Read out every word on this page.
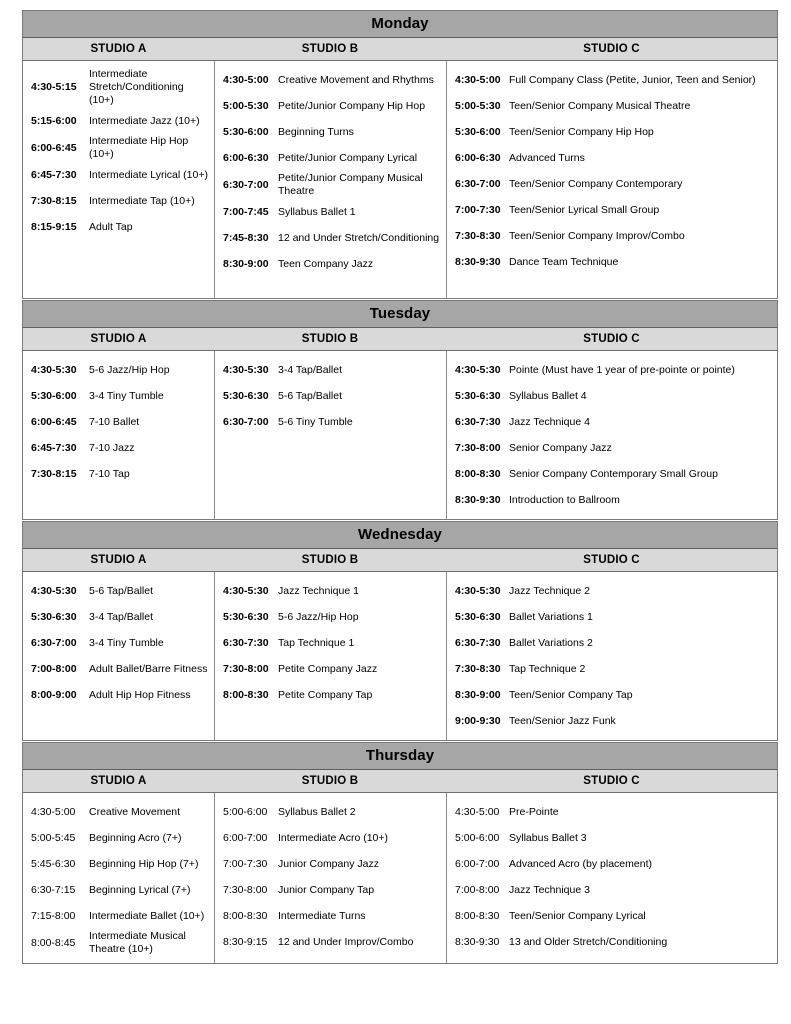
Monday
STUDIO A	STUDIO B	STUDIO C
4:30-5:15
Intermediate Stretch/Conditioning (10+)
5:15-6:00	Intermediate Jazz (10+)
6:00-6:45
Intermediate Hip Hop (10+)
6:45-7:30	Intermediate Lyrical (10+)
7:30-8:15	Intermediate Tap (10+)
8:15-9:15	Adult Tap

4:30-5:00 Creative Movement and Rhythms
5:00-5:30 Petite/Junior Company Hip Hop
5:30-6:00 Beginning Turns
6:00-6:30 Petite/Junior Company Lyrical
6:30-7:00
Petite/Junior Company Musical Theatre
7:00-7:45 Syllabus Ballet 1
7:45-8:30 12 and Under Stretch/Conditioning
8:30-9:00 Teen Company Jazz
4:30-5:00 Full Company Class (Petite, Junior, Teen and Senior)
5:00-5:30 Teen/Senior Company Musical Theatre
5:30-6:00 Teen/Senior Company Hip Hop
6:00-6:30 Advanced Turns
6:30-7:00 Teen/Senior Company Contemporary
7:00-7:30 Teen/Senior Lyrical Small Group
7:30-8:30 Teen/Senior Company Improv/Combo
8:30-9:30 Dance Team Technique
Tuesday
STUDIO A	STUDIO B	STUDIO C
4:30-5:30	5-6 Jazz/Hip Hop
5:30-6:00	3-4 Tiny Tumble
6:00-6:45	7-10 Ballet
6:45-7:30	7-10 Jazz
7:30-8:15	7-10 Tap

4:30-5:30 3-4 Tap/Ballet
5:30-6:30 5-6 Tap/Ballet
6:30-7:00 5-6 Tiny Tumble

4:30-5:30 Pointe (Must have 1 year of pre-pointe or pointe)
5:30-6:30 Syllabus Ballet 4
6:30-7:30 Jazz Technique 4
7:30-8:00 Senior Company Jazz
8:00-8:30 Senior Company Contemporary Small Group
8:30-9:30 Introduction to Ballroom
Wednesday
STUDIO A	STUDIO B	STUDIO C
4:30-5:30	5-6 Tap/Ballet
5:30-6:30	3-4 Tap/Ballet
6:30-7:00	3-4 Tiny Tumble
7:00-8:00	Adult Ballet/Barre Fitness
8:00-9:00	Adult Hip Hop Fitness

4:30-5:30 Jazz Technique 1
5:30-6:30 5-6 Jazz/Hip Hop
6:30-7:30 Tap Technique 1
7:30-8:00 Petite Company Jazz
8:00-8:30 Petite Company Tap

4:30-5:30 Jazz Technique 2
5:30-6:30 Ballet Variations 1
6:30-7:30 Ballet Variations 2
7:30-8:30 Tap Technique 2
8:30-9:00 Teen/Senior Company Tap
9:00-9:30 Teen/Senior Jazz Funk
Thursday
STUDIO A	STUDIO B	STUDIO C
4:30-5:00	Creative Movement
5:00-5:45	Beginning Acro (7+)
5:45-6:30	Beginning Hip Hop (7+)
6:30-7:15	Beginning Lyrical (7+)
7:15-8:00	Intermediate Ballet (10+)
8:00-8:45
Intermediate Musical Theatre (10+)
5:00-6:00	Syllabus Ballet 2
6:00-7:00	Intermediate Acro (10+)
7:00-7:30	Junior Company Jazz
7:30-8:00	Junior Company Tap
8:00-8:30	Intermediate Turns
8:30-9:15	12 and Under Improv/Combo
4:30-5:00 Pre-Pointe
5:00-6:00 Syllabus Ballet 3
6:00-7:00 Advanced Acro (by placement)
7:00-8:00 Jazz Technique 3
8:00-8:30 Teen/Senior Company Lyrical
8:30-9:30 13 and Older Stretch/Conditioning
